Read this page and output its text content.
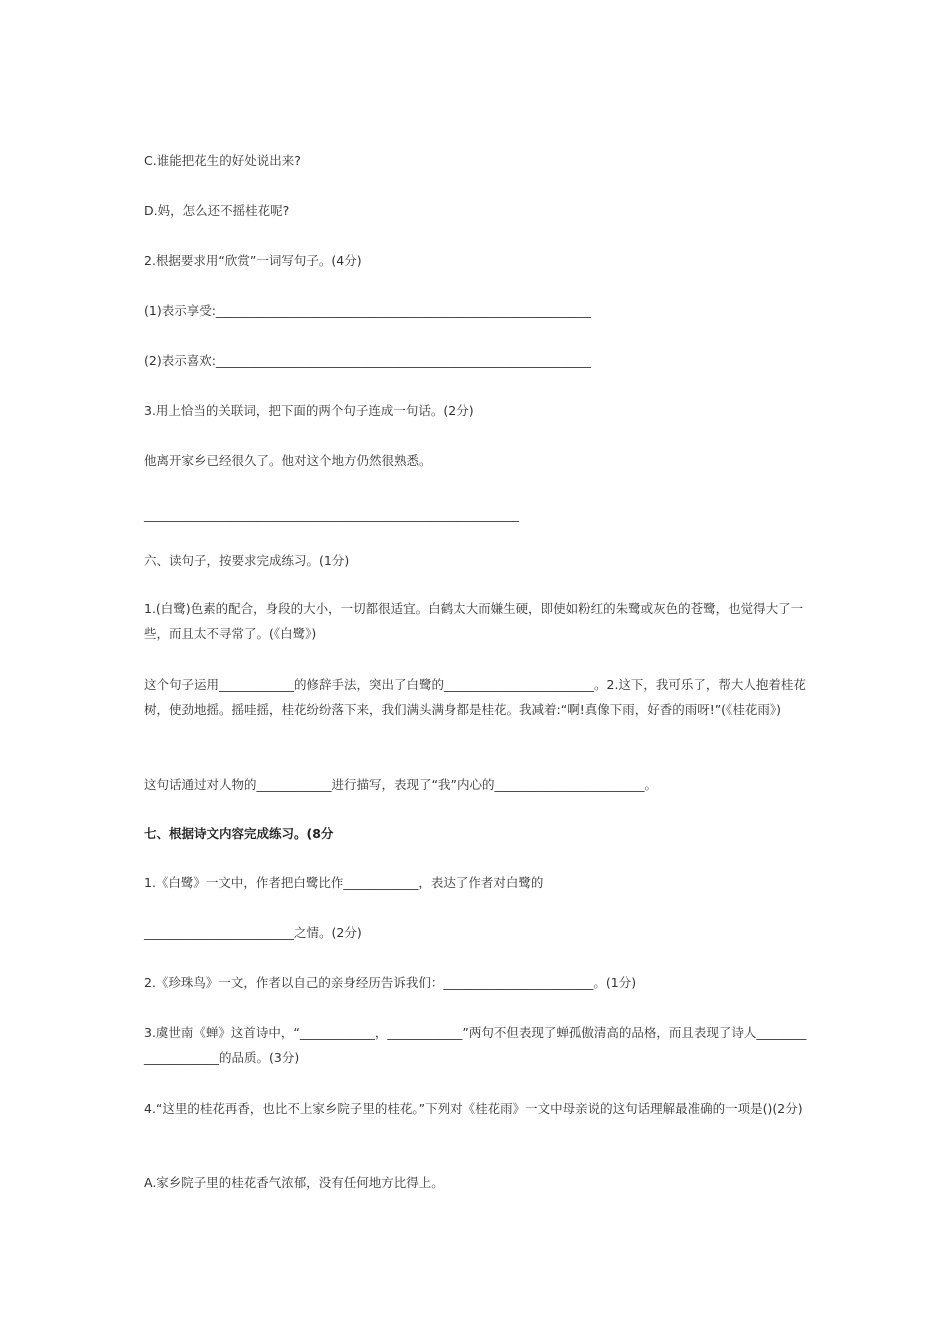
C.谁能把花生的好处说出来?
D.妈，怎么还不摇桂花呢?
2.根据要求用“欣赏”一词写句子。(4分)
(1)表示享受:____________________________________________________________
(2)表示喜欢:____________________________________________________________
3.用上恰当的关联词，把下面的两个句子连成一句话。(2分)
他离开家乡已经很久了。他对这个地方仍然很熟悉。
____________________________________________________________
六、读句子，按要求完成练习。(1分)
1.(白鹭)色素的配合，身段的大小，一切都很适宜。白鹤太大而嫌生硬，即使如粉红的朱鹭或灰色的苍鹭，也觉得大了一些，而且太不寻常了。(《白鹭》)
这个句子运用____________的修辞手法，突出了白鹭的________________________。2.这下，我可乐了，帮大人抱着桂花树，使劲地摇。摇哇摇，桂花纷纷落下来，我们满头满身都是桂花。我减着:“啊!真像下雨，好香的雨呀!”(《桂花雨》)
这句话通过对人物的____________进行描写，表现了“我”内心的________________________。
七、根据诗文内容完成练习。(8分
1.《白鹭》一文中，作者把白鹭比作____________，表达了作者对白鹭的
________________________之情。(2分)
2.《珍珠鸟》一文，作者以自己的亲身经历告诉我们：________________________。(1分)
3.虞世南《蝉》这首诗中，“____________，____________”两句不但表现了蝉孤傲清高的品格，而且表现了诗人____________________的品质。(3分)
4.“这里的桂花再香，也比不上家乡院子里的桂花。”下列对《桂花雨》一文中母亲说的这句话理解最准确的一项是()(2分)
A.家乡院子里的桂花香气浓郁，没有任何地方比得上。
